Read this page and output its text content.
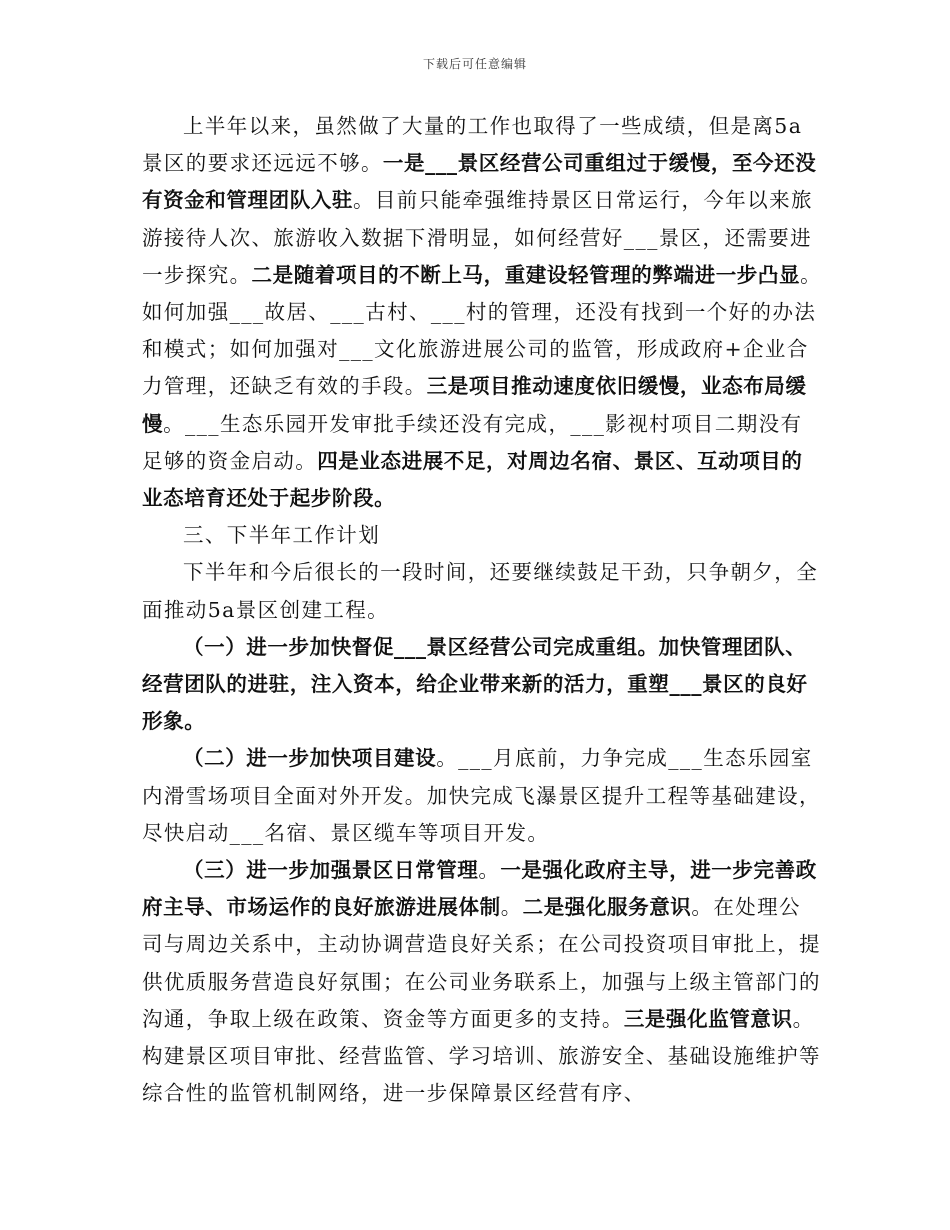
下载后可任意编辑

上半年以来，虽然做了大量的工作也取得了一些成绩，但是离5a景区的要求还远远不够。一是___景区经营公司重组过于缓慢，至今还没有资金和管理团队入驻。目前只能牵强维持景区日常运行，今年以来旅游接待人次、旅游收入数据下滑明显，如何经营好___景区，还需要进一步探究。二是随着项目的不断上马，重建设轻管理的弊端进一步凸显。如何加强___故居、___古村、___村的管理，还没有找到一个好的办法和模式；如何加强对___文化旅游进展公司的监管，形成政府+企业合力管理，还缺乏有效的手段。三是项目推动速度依旧缓慢，业态布局缓慢。___生态乐园开发审批手续还没有完成，___影视村项目二期没有足够的资金启动。四是业态进展不足，对周边名宿、景区、互动项目的业态培育还处于起步阶段。

三、下半年工作计划

下半年和今后很长的一段时间，还要继续鼓足干劲，只争朝夕，全面推动5a景区创建工程。

（一）进一步加快督促___景区经营公司完成重组。加快管理团队、经营团队的进驻，注入资本，给企业带来新的活力，重塑___景区的良好形象。

（二）进一步加快项目建设。___月底前，力争完成___生态乐园室内滑雪场项目全面对外开发。加快完成飞瀑景区提升工程等基础建设，尽快启动___名宿、景区缆车等项目开发。

（三）进一步加强景区日常管理。一是强化政府主导，进一步完善政府主导、市场运作的良好旅游进展体制。二是强化服务意识。在处理公司与周边关系中，主动协调营造良好关系；在公司投资项目审批上，提供优质服务营造良好氛围；在公司业务联系上，加强与上级主管部门的沟通，争取上级在政策、资金等方面更多的支持。三是强化监管意识。构建景区项目审批、经营监管、学习培训、旅游安全、基础设施维护等综合性的监管机制网络，进一步保障景区经营有序、
